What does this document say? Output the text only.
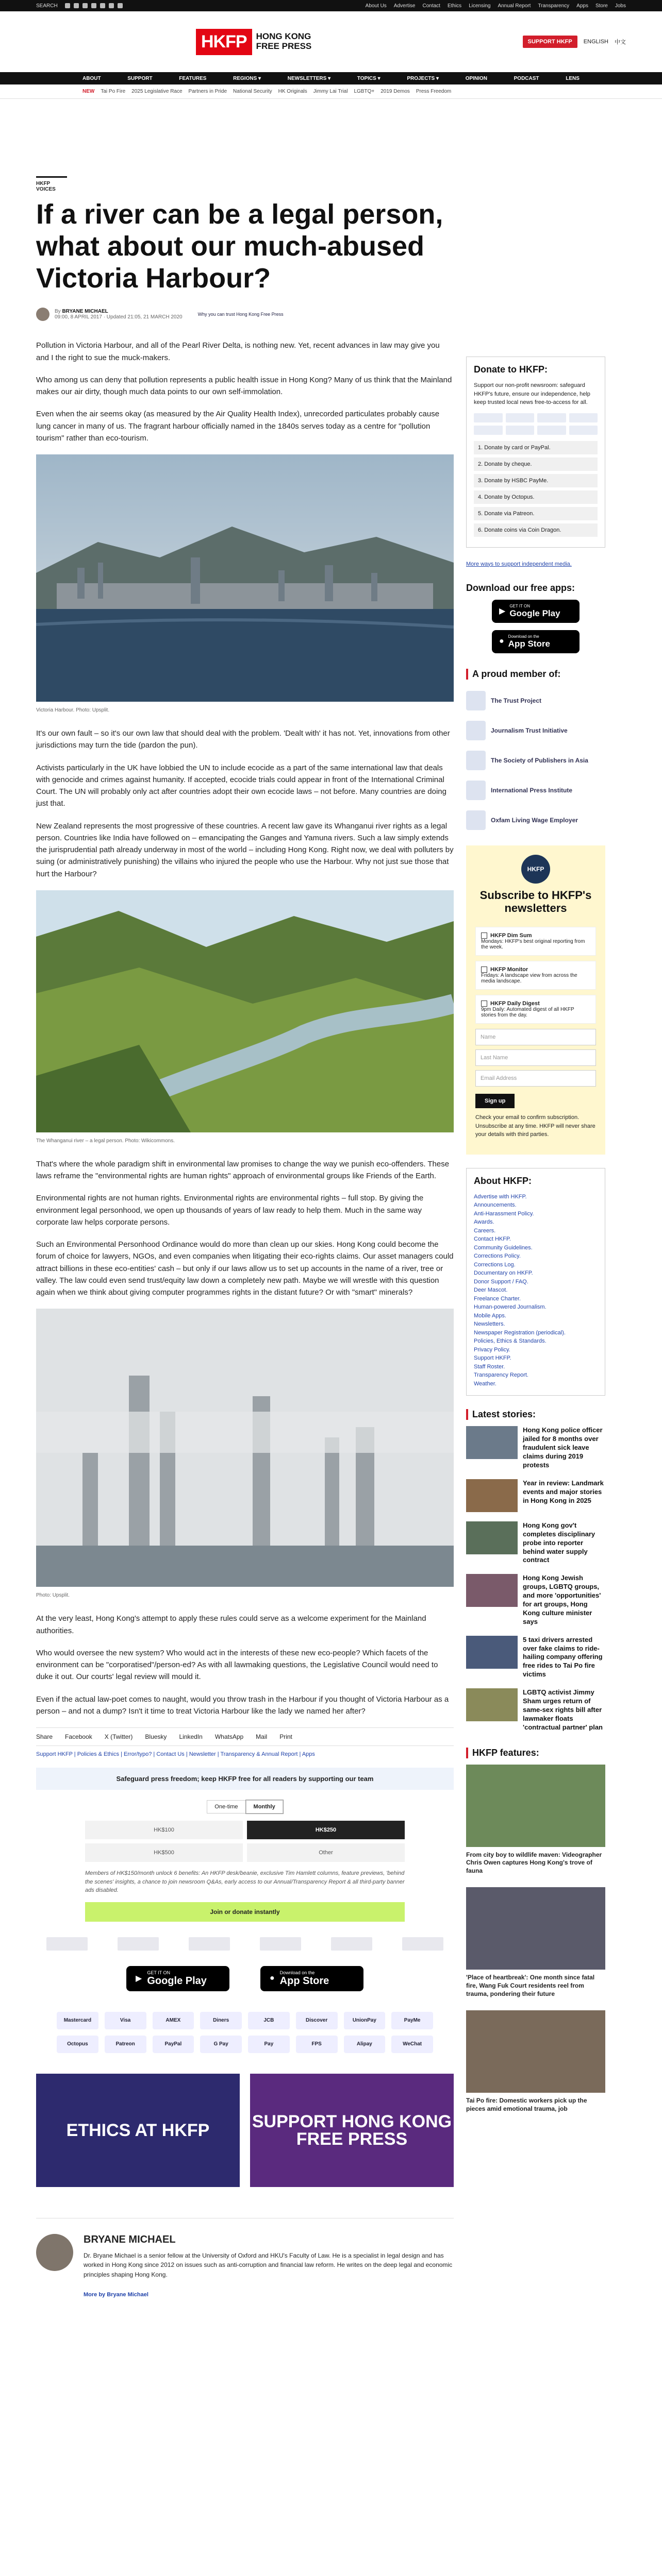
SEARCH	About Us Advertise Contact Ethics Licensing Annual Report Transparency Apps Store Jobs
HKFP	HONG KONG
FREE PRESS	SUPPORT HKFP	ENGLISH 中文
ABOUT	SUPPORT	FEATURES	REGIONS ▾	NEWSLETTERS ▾	TOPICS ▾	PROJECTS ▾	OPINION	PODCAST	LENS
NEW Tai Po Fire 2025 Legislative Race Partners in Pride National Security HK Originals Jimmy Lai Trial LGBTQ+ 2019 Demos Press Freedom
HKFP VOICES
If a river can be a legal person, what about our much-abused Victoria Harbour?
By BRYANE MICHAEL
09:00, 8 APRIL 2017 · Updated 21:05, 21 MARCH 2020	Why you can trust Hong Kong Free Press

Pollution in Victoria Harbour, and all of the Pearl River Delta, is nothing new. Yet, recent advances in law may give you and I the right to sue the muck-makers.

Who among us can deny that pollution represents a public health issue in Hong Kong? Many of us think that the Mainland makes our air dirty, though much data points to our own self-immolation.

Even when the air seems okay (as measured by the Air Quality Health Index), unrecorded particulates probably cause lung cancer in many of us. The fragrant harbour officially named in the 1840s serves today as a centre for "pollution tourism" rather than eco-tourism.

Victoria Harbour. Photo: Upsplit.

It's our own fault – so it's our own law that should deal with the problem. 'Dealt with' it has not. Yet, innovations from other jurisdictions may turn the tide (pardon the pun).

Activists particularly in the UK have lobbied the UN to include ecocide as a part of the same international law that deals with genocide and crimes against humanity. If accepted, ecocide trials could appear in front of the International Criminal Court. The UN will probably only act after countries adopt their own ecocide laws – not before. Many countries are doing just that.

New Zealand represents the most progressive of these countries. A recent law gave its Whanganui river rights as a legal person. Countries like India have followed on – emancipating the Ganges and Yamuna rivers. Such a law simply extends the jurisprudential path already underway in most of the world – including Hong Kong. Right now, we deal with polluters by suing (or administratively punishing) the villains who injured the people who use the Harbour. Why not just sue those that hurt the Harbour?

The Whanganui river – a legal person. Photo: Wikicommons.

That's where the whole paradigm shift in environmental law promises to change the way we punish eco-offenders. These laws reframe the "environmental rights are human rights" approach of environmental groups like Friends of the Earth.

Environmental rights are not human rights. Environmental rights are environmental rights – full stop. By giving the environment legal personhood, we open up thousands of years of law ready to help them. Much in the same way corporate law helps corporate persons.

Such an Environmental Personhood Ordinance would do more than clean up our skies. Hong Kong could become the forum of choice for lawyers, NGOs, and even companies when litigating their eco-rights claims. Our asset managers could attract billions in these eco-entities' cash – but only if our laws allow us to set up accounts in the name of a river, tree or valley. The law could even send trust/equity law down a completely new path. Maybe we will wrestle with this question again when we think about giving computer programmes rights in the distant future? Or with "smart" minerals?

Photo: Upsplit.

At the very least, Hong Kong's attempt to apply these rules could serve as a welcome experiment for the Mainland authorities.

Who would oversee the new system? Who would act in the interests of these new eco-people? Which facets of the environment can be "corporatised"/person-ed? As with all lawmaking questions, the Legislative Council would need to duke it out. Our courts' legal review will mould it.

Even if the actual law-poet comes to naught, would you throw trash in the Harbour if you thought of Victoria Harbour as a person – and not a dump? Isn't it time to treat Victoria Harbour like the lady we named her after?

Share Facebook X (Twitter) Bluesky LinkedIn WhatsApp Mail Print
Support HKFP | Policies & Ethics | Error/typo? | Contact Us | Newsletter | Transparency & Annual Report | Apps
Safeguard press freedom; keep HKFP free for all readers by supporting our team
One-time	Monthly
HK$100	HK$250
HK$500	Other
Members of HK$150/month unlock 6 benefits: An HKFP desk/beanie, exclusive Tim Hamlett columns, feature previews, 'behind the scenes' insights, a chance to join newsroom Q&As, early access to our Annual/Transparency Report & all third-party banner ads disabled.
Join or donate instantly
▶
GET IT ON
Google Play	●
Download on the
App Store
Mastercard	Visa	AMEX	Diners	JCB	Discover	UnionPay	PayMe
Octopus	Patreon	PayPal	G Pay	Pay	FPS	Alipay	WeChat
ETHICS AT HKFP	SUPPORT HONG KONG FREE PRESS
BRYANE MICHAEL

Dr. Bryane Michael is a senior fellow at the University of Oxford and HKU's Faculty of Law. He is a specialist in legal design and has worked in Hong Kong since 2012 on issues such as anti-corruption and financial law reform. He writes on the deep legal and economic principles shaping Hong Kong.

More by Bryane Michael
Donate to HKFP:

Support our non-profit newsroom: safeguard HKFP's future, ensure our independence, help keep trusted local news free-to-access for all.

1. Donate by card or PayPal.
2. Donate by cheque.
3. Donate by HSBC PayMe.
4. Donate by Octopus.
5. Donate via Patreon.
6. Donate coins via Coin Dragon.
More ways to support independent media.
Download our free apps:
▶
GET IT ON
Google Play
●
Download on the
App Store
A proud member of:
The Trust Project
Journalism Trust Initiative
The Society of Publishers in Asia
International Press Institute
Oxfam Living Wage Employer
HKFP
Subscribe to HKFP's newsletters
HKFP Dim Sum
Mondays: HKFP's best original reporting from the week.
HKFP Monitor
Fridays: A landscape view from across the media landscape.
HKFP Daily Digest
9pm Daily: Automated digest of all HKFP stories from the day.
Name
Last Name
Email Address
Sign up

Check your email to confirm subscription. Unsubscribe at any time. HKFP will never share your details with third parties.

About HKFP:
Advertise with HKFP.
Announcements.
Anti-Harassment Policy.
Awards.
Careers.
Contact HKFP.
Community Guidelines.
Corrections Policy.
Corrections Log.
Documentary on HKFP.
Donor Support / FAQ.
Deer Mascot.
Freelance Charter.
Human-powered Journalism.
Mobile Apps.
Newsletters.
Newspaper Registration (periodical).
Policies, Ethics & Standards.
Privacy Policy.
Support HKFP.
Staff Roster.
Transparency Report.
Weather.
Latest stories:
Hong Kong police officer jailed for 8 months over fraudulent sick leave claims during 2019 protests
Year in review: Landmark events and major stories in Hong Kong in 2025
Hong Kong gov't completes disciplinary probe into reporter behind water supply contract
Hong Kong Jewish groups, LGBTQ groups, and more 'opportunities' for art groups, Hong Kong culture minister says
5 taxi drivers arrested over fake claims to ride-hailing company offering free rides to Tai Po fire victims
LGBTQ activist Jimmy Sham urges return of same-sex rights bill after lawmaker floats 'contractual partner' plan
HKFP features:
From city boy to wildlife maven: Videographer Chris Owen captures Hong Kong's trove of fauna
'Place of heartbreak': One month since fatal fire, Wang Fuk Court residents reel from trauma, pondering their future
Tai Po fire: Domestic workers pick up the pieces amid emotional trauma, job
